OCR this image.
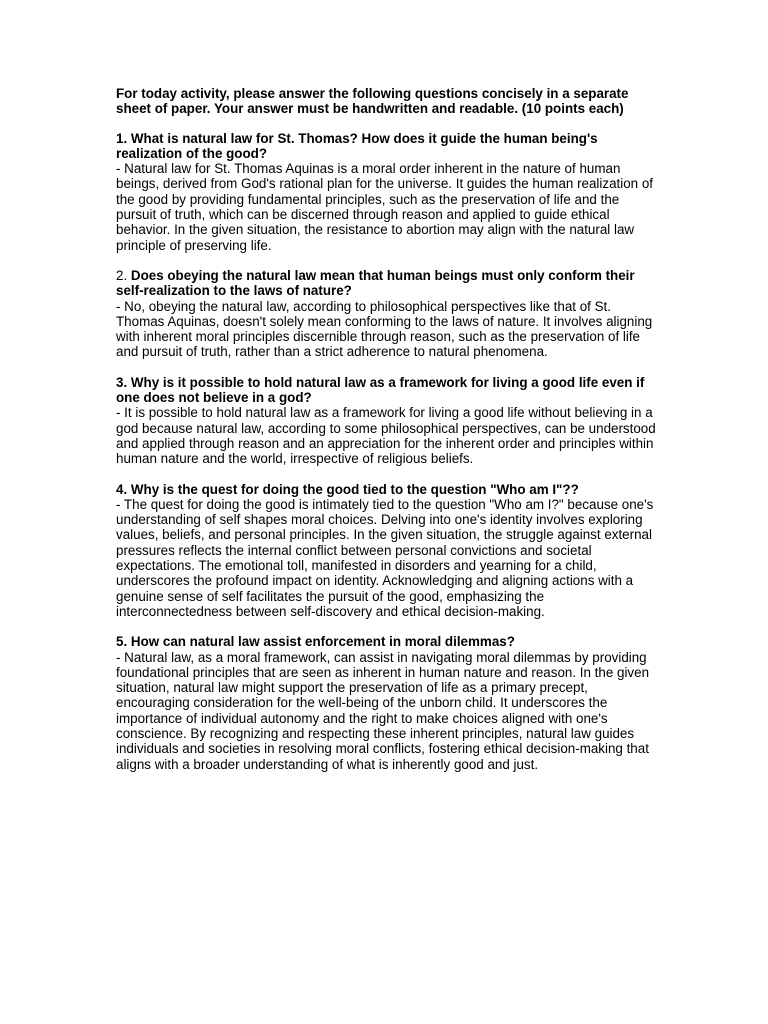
For today activity, please answer the following questions concisely in a separate sheet of paper. Your answer must be handwritten and readable. (10 points each)

1. What is natural law for St. Thomas? How does it guide the human being's realization of the good?

- Natural law for St. Thomas Aquinas is a moral order inherent in the nature of human beings, derived from God's rational plan for the universe. It guides the human realization of the good by providing fundamental principles, such as the preservation of life and the pursuit of truth, which can be discerned through reason and applied to guide ethical behavior. In the given situation, the resistance to abortion may align with the natural law principle of preserving life.

2. Does obeying the natural law mean that human beings must only conform their self-realization to the laws of nature?

- No, obeying the natural law, according to philosophical perspectives like that of St. Thomas Aquinas, doesn't solely mean conforming to the laws of nature. It involves aligning with inherent moral principles discernible through reason, such as the preservation of life and pursuit of truth, rather than a strict adherence to natural phenomena.

3. Why is it possible to hold natural law as a framework for living a good life even if one does not believe in a god?

- It is possible to hold natural law as a framework for living a good life without believing in a god because natural law, according to some philosophical perspectives, can be understood and applied through reason and an appreciation for the inherent order and principles within human nature and the world, irrespective of religious beliefs.

4. Why is the quest for doing the good tied to the question "Who am I"??

- The quest for doing the good is intimately tied to the question "Who am I?" because one's understanding of self shapes moral choices. Delving into one's identity involves exploring values, beliefs, and personal principles. In the given situation, the struggle against external pressures reflects the internal conflict between personal convictions and societal expectations. The emotional toll, manifested in disorders and yearning for a child, underscores the profound impact on identity. Acknowledging and aligning actions with a genuine sense of self facilitates the pursuit of the good, emphasizing the interconnectedness between self-discovery and ethical decision-making.

5. How can natural law assist enforcement in moral dilemmas?

- Natural law, as a moral framework, can assist in navigating moral dilemmas by providing foundational principles that are seen as inherent in human nature and reason. In the given situation, natural law might support the preservation of life as a primary precept, encouraging consideration for the well-being of the unborn child. It underscores the importance of individual autonomy and the right to make choices aligned with one's conscience. By recognizing and respecting these inherent principles, natural law guides individuals and societies in resolving moral conflicts, fostering ethical decision-making that aligns with a broader understanding of what is inherently good and just.
